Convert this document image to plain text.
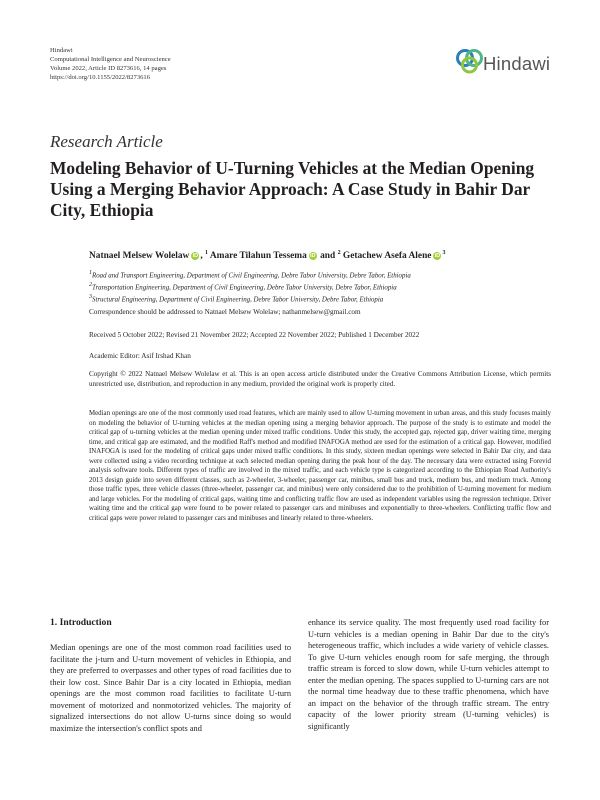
Hindawi
Computational Intelligence and Neuroscience
Volume 2022, Article ID 8273616, 14 pages
https://doi.org/10.1155/2022/8273616
Hindawi
Research Article
Modeling Behavior of U-Turning Vehicles at the Median Opening Using a Merging Behavior Approach: A Case Study in Bahir Dar City, Ethiopia
Natnael Melsew Wolelaw iD , $^1$ Amare Tilahun Tessema iD and $^2$ Getachew Asefa Alene $iD^3$
$^1$Road and Transport Engineering, Department of Civil Engineering, Debre Tabor University, Debre Tabor, Ethiopia
$^2$Transportation Engineering, Department of Civil Engineering, Debre Tabor University, Debre Tabor, Ethiopia
$^3$Structural Engineering, Department of Civil Engineering, Debre Tabor University, Debre Tabor, Ethiopia
Correspondence should be addressed to Natnael Melsew Wolelaw; nathanmelsew@gmail.com
Received 5 October 2022; Revised 21 November 2022; Accepted 22 November 2022; Published 1 December 2022
Academic Editor: Asif Irshad Khan
Copyright © 2022 Natnael Melsew Wolelaw et al. This is an open access article distributed under the Creative Commons Attribution License, which permits unrestricted use, distribution, and reproduction in any medium, provided the original work is properly cited.
Median openings are one of the most commonly used road features, which are mainly used to allow U-turning movement in urban areas, and this study focuses mainly on modeling the behavior of U-turning vehicles at the median opening using a merging behavior approach. The purpose of the study is to estimate and model the critical gap of u-turning vehicles at the median opening under mixed traffic conditions. Under this study, the accepted gap, rejected gap, driver waiting time, merging time, and critical gap are estimated, and the modified Raff's method and modified INAFOGA method are used for the estimation of a critical gap. However, modified INAFOGA is used for the modeling of critical gaps under mixed traffic conditions. In this study, sixteen median openings were selected in Bahir Dar city, and data were collected using a video recording technique at each selected median opening during the peak hour of the day. The necessary data were extracted using Forevid analysis software tools. Different types of traffic are involved in the mixed traffic, and each vehicle type is categorized according to the Ethiopian Road Authority's 2013 design guide into seven different classes, such as 2-wheeler, 3-wheeler, passenger car, minibus, small bus and truck, medium bus, and medium truck. Among those traffic types, three vehicle classes (three-wheeler, passenger car, and minibus) were only considered due to the prohibition of U-turning movement for medium and large vehicles. For the modeling of critical gaps, waiting time and conflicting traffic flow are used as independent variables using the regression technique. Driver waiting time and the critical gap were found to be power related to passenger cars and minibuses and exponentially to three-wheelers. Conflicting traffic flow and critical gaps were power related to passenger cars and minibuses and linearly related to three-wheelers.
1. Introduction
Median openings are one of the most common road facilities used to facilitate the j-turn and U-turn movement of vehicles in Ethiopia, and they are preferred to overpasses and other types of road facilities due to their low cost. Since Bahir Dar is a city located in Ethiopia, median openings are the most common road facilities to facilitate U-turn movement of motorized and nonmotorized vehicles. The majority of signalized intersections do not allow U-turns since doing so would maximize the intersection's conflict spots and
enhance its service quality. The most frequently used road facility for U-turn vehicles is a median opening in Bahir Dar due to the city's heterogeneous traffic, which includes a wide variety of vehicle classes. To give U-turn vehicles enough room for safe merging, the through traffic stream is forced to slow down, while U-turn vehicles attempt to enter the median opening. The spaces supplied to U-turning cars are not the normal time headway due to these traffic phenomena, which have an impact on the behavior of the through traffic stream. The entry capacity of the lower priority stream (U-turning vehicles) is significantly
